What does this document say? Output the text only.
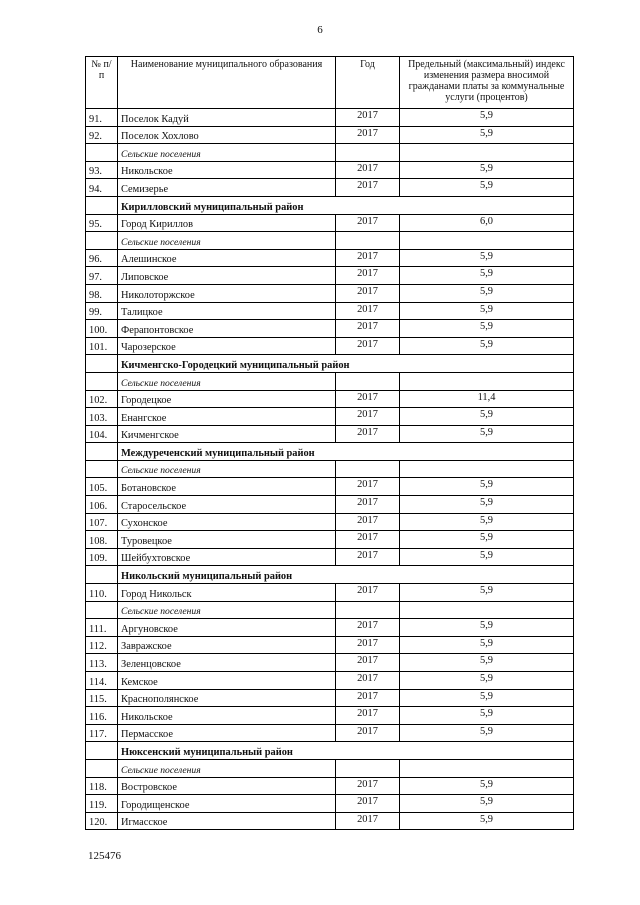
6
№ п/п	Наименование муниципального образования	Год	Предельный (максимальный) индекс изменения размера вносимой гражданами платы за коммунальные услуги (процентов)
91.	Поселок Кадуй	2017	5,9
92.	Поселок Хохлово	2017	5,9
	Сельские поселения		
93.	Никольское	2017	5,9
94.	Семизерье	2017	5,9
	Кирилловский муниципальный район		
95.	Город Кириллов	2017	6,0
	Сельские поселения		
96.	Алешинское	2017	5,9
97.	Липовское	2017	5,9
98.	Николоторжское	2017	5,9
99.	Талицкое	2017	5,9
100.	Ферапонтовское	2017	5,9
101.	Чарозерское	2017	5,9
	Кичменгско-Городецкий муниципальный район		
	Сельские поселения		
102.	Городецкое	2017	11,4
103.	Енангское	2017	5,9
104.	Кичменгское	2017	5,9
	Междуреченский муниципальный район		
	Сельские поселения		
105.	Ботановское	2017	5,9
106.	Старосельское	2017	5,9
107.	Сухонское	2017	5,9
108.	Туровецкое	2017	5,9
109.	Шейбухтовское	2017	5,9
	Никольский муниципальный район		
110.	Город Никольск	2017	5,9
	Сельские поселения		
111.	Аргуновское	2017	5,9
112.	Завражское	2017	5,9
113.	Зеленцовское	2017	5,9
114.	Кемское	2017	5,9
115.	Краснополянское	2017	5,9
116.	Никольское	2017	5,9
117.	Пермасское	2017	5,9
	Нюксенский муниципальный район		
	Сельские поселения		
118.	Востровское	2017	5,9
119.	Городищенское	2017	5,9
120.	Игмасское	2017	5,9
125476
